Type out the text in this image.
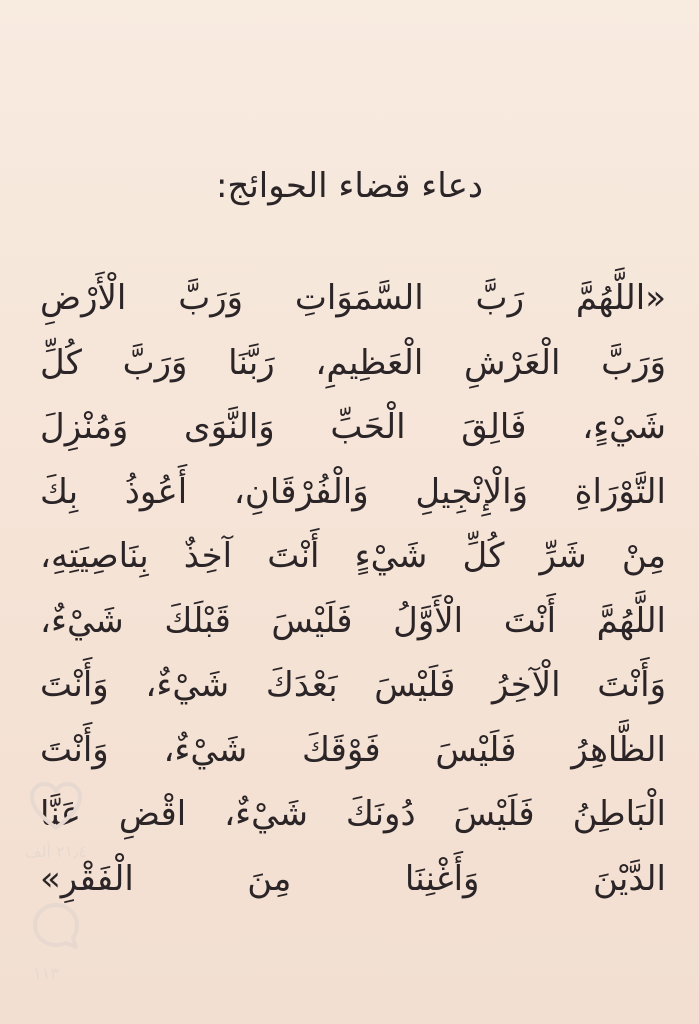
دعاء قضاء الحوائج:
«اللَّهُمَّ رَبَّ السَّمَوَاتِ وَرَبَّ الْأَرْضِ
وَرَبَّ الْعَرْشِ الْعَظِيمِ، رَبَّنَا وَرَبَّ كُلِّ
شَيْءٍ، فَالِقَ الْحَبِّ وَالنَّوَى وَمُنْزِلَ
التَّوْرَاةِ وَالْإِنْجِيلِ وَالْفُرْقَانِ، أَعُوذُ بِكَ
مِنْ شَرِّ كُلِّ شَيْءٍ أَنْتَ آخِذٌ بِنَاصِيَتِهِ،
اللَّهُمَّ أَنْتَ الْأَوَّلُ فَلَيْسَ قَبْلَكَ شَيْءٌ،
وَأَنْتَ الْآخِرُ فَلَيْسَ بَعْدَكَ شَيْءٌ، وَأَنْتَ
الظَّاهِرُ فَلَيْسَ فَوْقَكَ شَيْءٌ، وَأَنْتَ
الْبَاطِنُ فَلَيْسَ دُونَكَ شَيْءٌ، اقْضِ عَنَّا
الدَّيْنَ وَأَغْنِنَا مِنَ الْفَقْرِ»
٢١٫٤ ألف
١١٣
